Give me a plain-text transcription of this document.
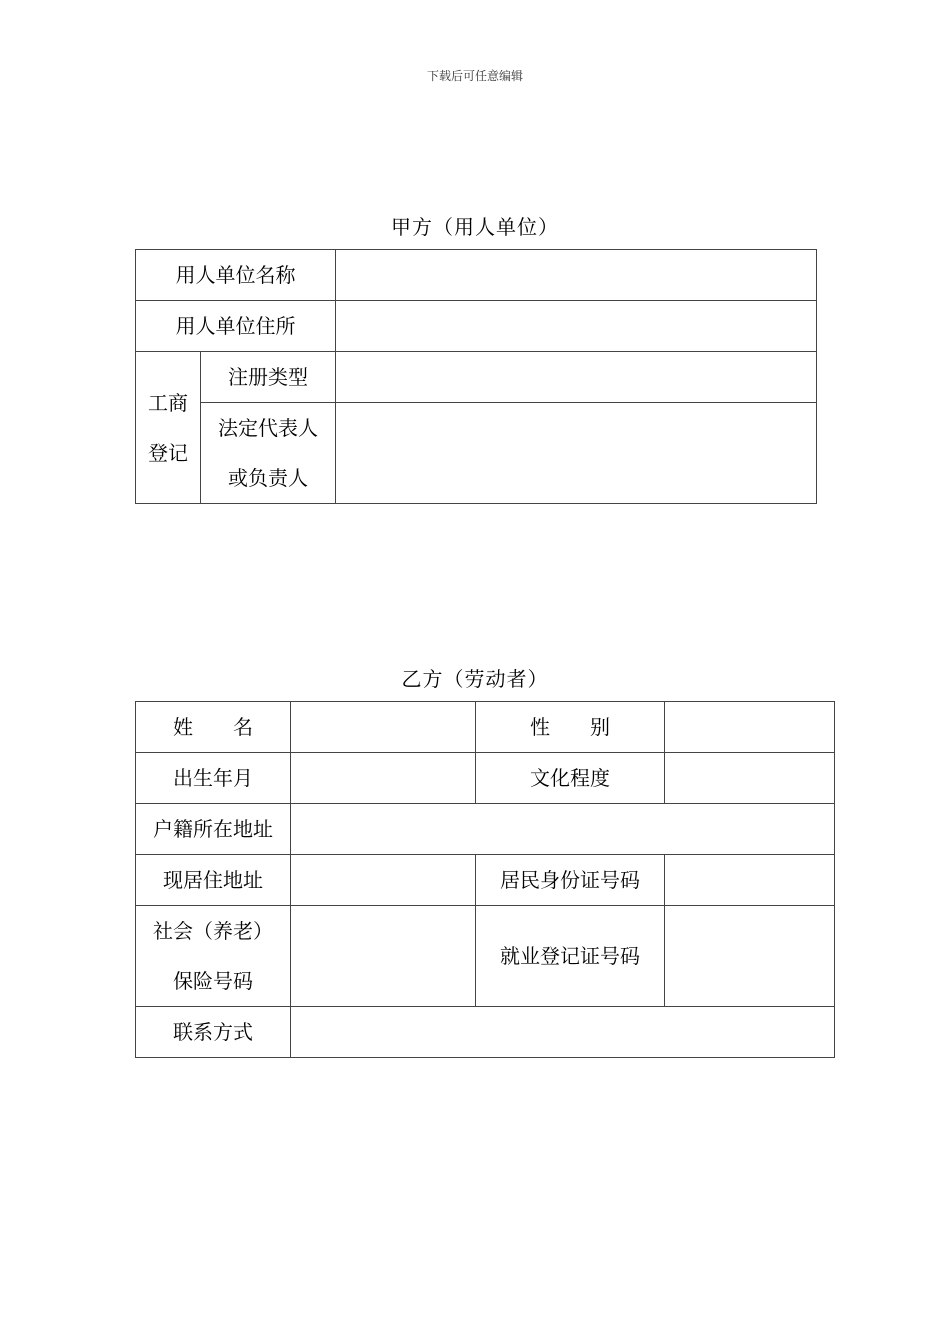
下载后可任意编辑
甲方（用人单位）
用人单位名称		
用人单位住所		

工商
登记	注册类型	

	法定代表人
或负责人	

乙方（劳动者）
姓 名		性 别	
出生年月		文化程度	
户籍所在地址			
现居住地址		居民身份证号码	

社会（养老）
保险号码		就业登记证号码	
联系方式			
